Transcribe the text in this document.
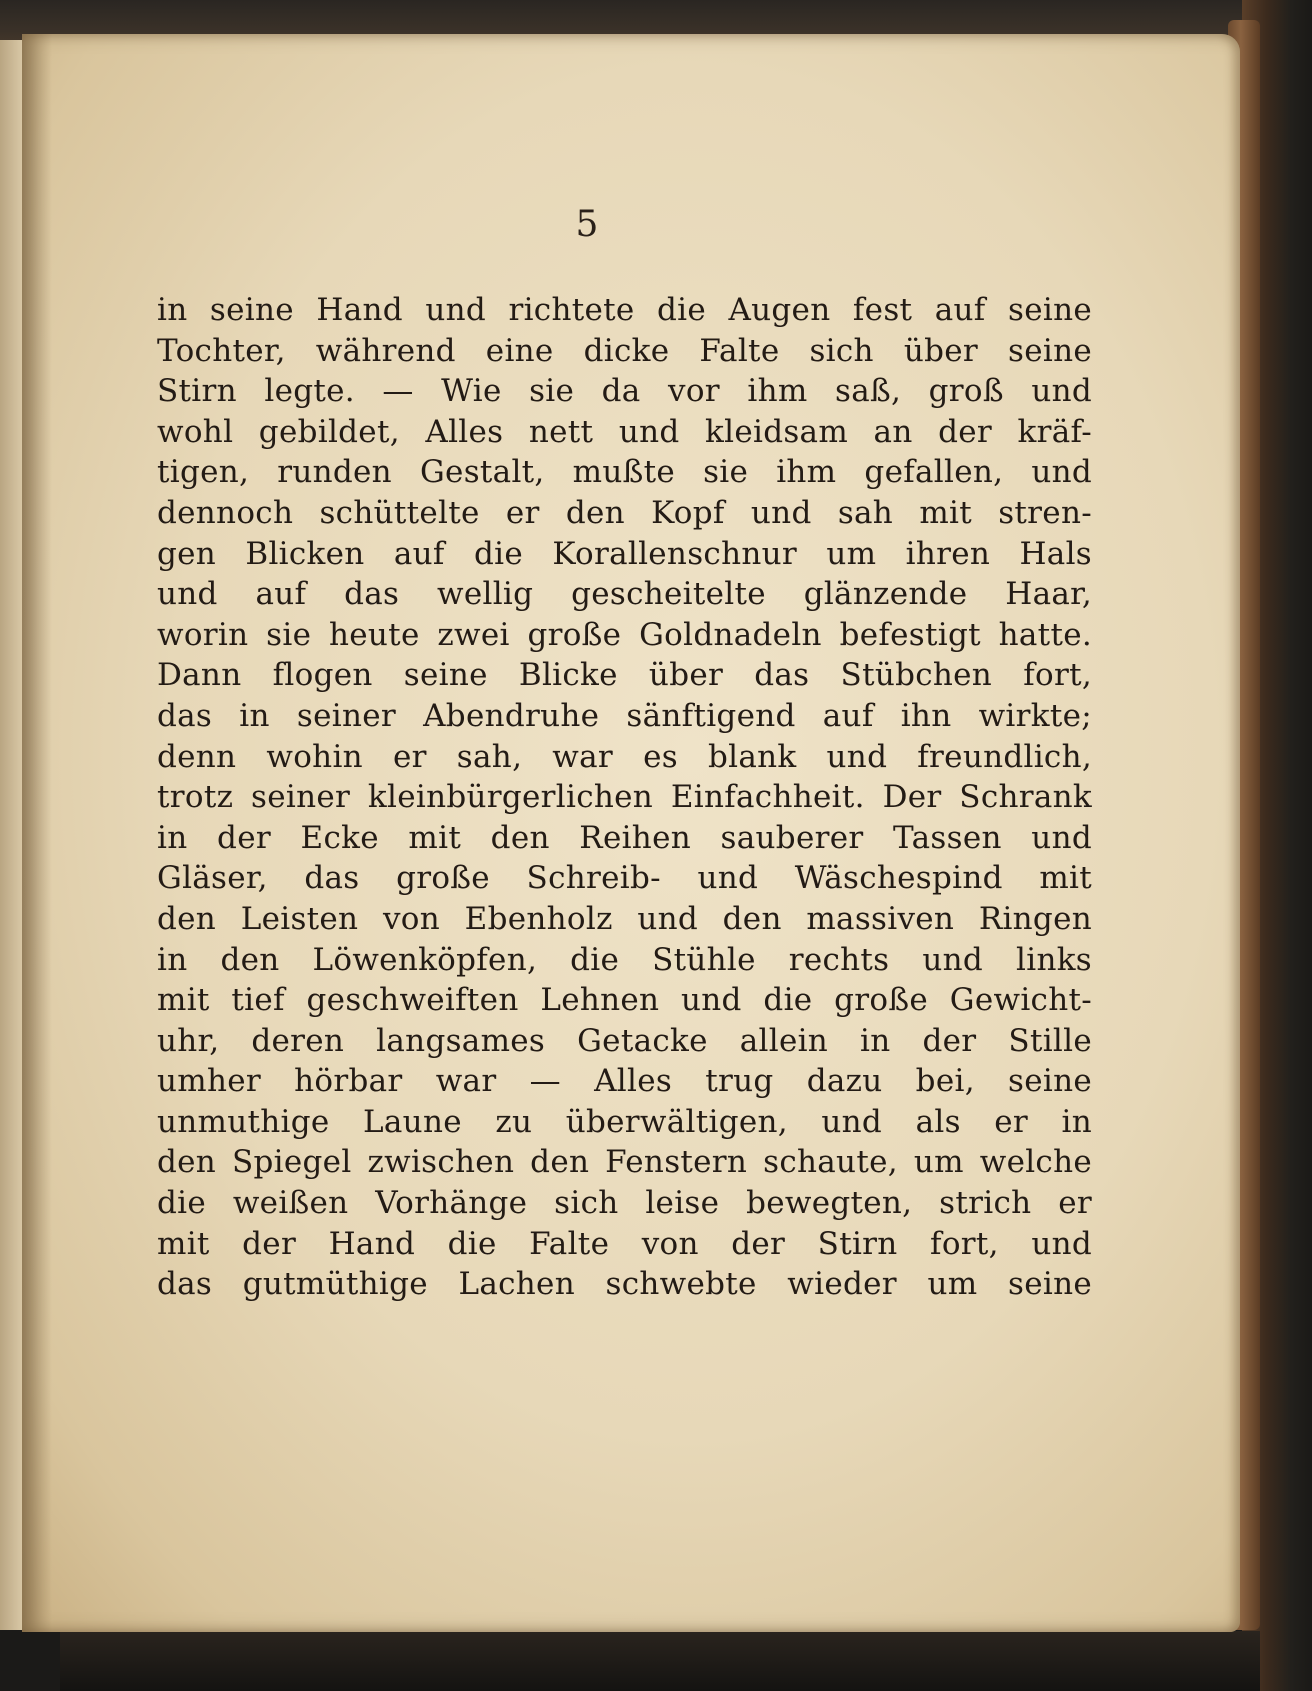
5
in seine Hand und richtete die Augen fest auf seine
Tochter, während eine dicke Falte sich über seine
Stirn legte. — Wie sie da vor ihm saß, groß und
wohl gebildet, Alles nett und kleidsam an der kräf-
tigen, runden Gestalt, mußte sie ihm gefallen, und
dennoch schüttelte er den Kopf und sah mit stren-
gen Blicken auf die Korallenschnur um ihren Hals
und auf das wellig gescheitelte glänzende Haar,
worin sie heute zwei große Goldnadeln befestigt hatte.
Dann flogen seine Blicke über das Stübchen fort,
das in seiner Abendruhe sänftigend auf ihn wirkte;
denn wohin er sah, war es blank und freundlich,
trotz seiner kleinbürgerlichen Einfachheit. Der Schrank
in der Ecke mit den Reihen sauberer Tassen und
Gläser, das große Schreib- und Wäschespind mit
den Leisten von Ebenholz und den massiven Ringen
in den Löwenköpfen, die Stühle rechts und links
mit tief geschweiften Lehnen und die große Gewicht-
uhr, deren langsames Getacke allein in der Stille
umher hörbar war — Alles trug dazu bei, seine
unmuthige Laune zu überwältigen, und als er in
den Spiegel zwischen den Fenstern schaute, um welche
die weißen Vorhänge sich leise bewegten, strich er
mit der Hand die Falte von der Stirn fort, und
das gutmüthige Lachen schwebte wieder um seine
